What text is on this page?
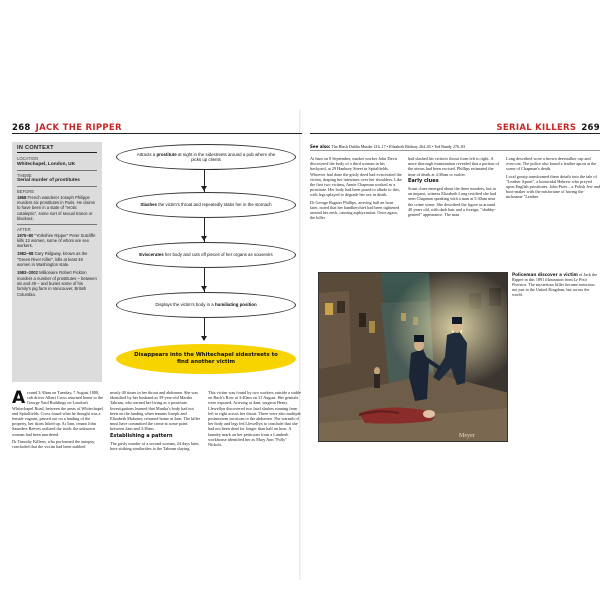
268 JACK THE RIPPER
IN CONTEXT
LOCATION
Whitechapel, London, UK
THEME
Serial murder of prostitutes
BEFORE
1868 French wanderer Joseph Philippe murders six prostitutes in Paris. He claims to have been in a state of "erotic cataleptic", some sort of sexual trance or blackout.
AFTER
1975–80 "Yorkshire Ripper" Peter Sutcliffe kills 13 women, some of whom are sex workers.
1982–98 Gary Ridgway, known as the "Green River Killer", kills at least 49 women in Washington state.
1983–2002 Millionaire Robert Pickton murders a number of prostitutes – between six and 49 – and buries some of his family's pig farm in Vancouver, British Columbia.
Attracts a prostitute at night in the sidestreets around a pub where she picks up clients
Slashes the victim's throat and repeatedly stabs her in the stomach
Eviscerates her body and cuts off pieces of her organs as souvenirs
Displays the victim's body in a humiliating position
Disappears into the Whitechapel sidestreets to find another victim

Around 3:30am on Tuesday, 7 August 1888, cab driver Albert Cross returned home to the George Yard Buildings on London's Whitechapel Road, between the areas of Whitechapel and Spitalfields. Cross found what he thought was a female vagrant, passed out on a landing of the property, her skirts hiked up. At 5am, tenant John Saunders Reeves realized the truth: the unknown woman had been murdered.

Dr Timothy Killeen, who performed the autopsy, concluded that the victim had been stabbed

nearly 40 times in her throat and abdomen. She was identified by her husband as 39-year-old Martha Tabram, who earned her living as a prostitute. Investigations learned that Martha's body had not been on the landing when tenants Joseph and Elizabeth Mahoney returned home at 2am. The killer must have committed the crime at some point between 2am and 3:30am.

Establishing a pattern

The grisly murder of a second woman, 24 days later, bore striking similarities to the Tabram slaying.

This victim was found by two workers outside a stable on Buck's Row at 3:40am on 31 August. Her genitals were exposed. Arriving at 4am, surgeon Henry Llewellyn discovered two fatal slashes running from left to right across her throat. There were also multiple postmortem incisions to the abdomen. The warmth of her body and legs led Llewellyn to conclude that she had not been dead for longer than half an hour. A laundry mark on her petticoats from a Lambeth workhouse identified her as Mary Ann "Polly" Nichols.

SERIAL KILLERS 269
See also: The Black Dahlia Murder 216–17 • Elizabeth Báthory 264–65 • Ted Bundy 276–83

At 6am on 8 September, market worker John Davis discovered the body of a third woman in his backyard, at 29 Hanbury Street in Spitalfields. Whoever had done the grisly deed had eviscerated the victim, draping her intestines over her shoulders. Like the first two victims, Annie Chapman worked as a prostitute. Her body had been posed to allude to this, with legs splayed to degrade her sex in death.

Dr George Bagster Phillips, arriving half an hour later, noted that her handkerchief had been tightened around her neck, causing asphyxiation. Once again, the killer

had slashed his victim's throat from left to right. A more thorough examination revealed that a portion of the uterus had been excised. Phillips estimated the time of death at 4:30am or earlier.

Early clues

Scant clues emerged about the three murders, but at an inquest, witness Elizabeth Long testified she had seen Chapman speaking with a man at 5:30am near the crime scene. She described the figure as around 40 years old, with dark hair and a foreign, "shabby-genteel" appearance. The man

Long described wore a brown deerstalker cap and overcoat. The police also found a leather apron at the scene of Chapman's death.

Local gossip transformed these details into the tale of "Leather Apron", a homicidal Hebrew who preyed upon English prostitutes. John Pizer – a Polish Jew and boot-maker with the misfortune of having the nickname "Leather

Meyer
Policeman discover a victim of Jack the Ripper in this 1891 illustration from Le Petit Parisien. The mysterious killer became notorious not just in the United Kingdom, but across the world.
